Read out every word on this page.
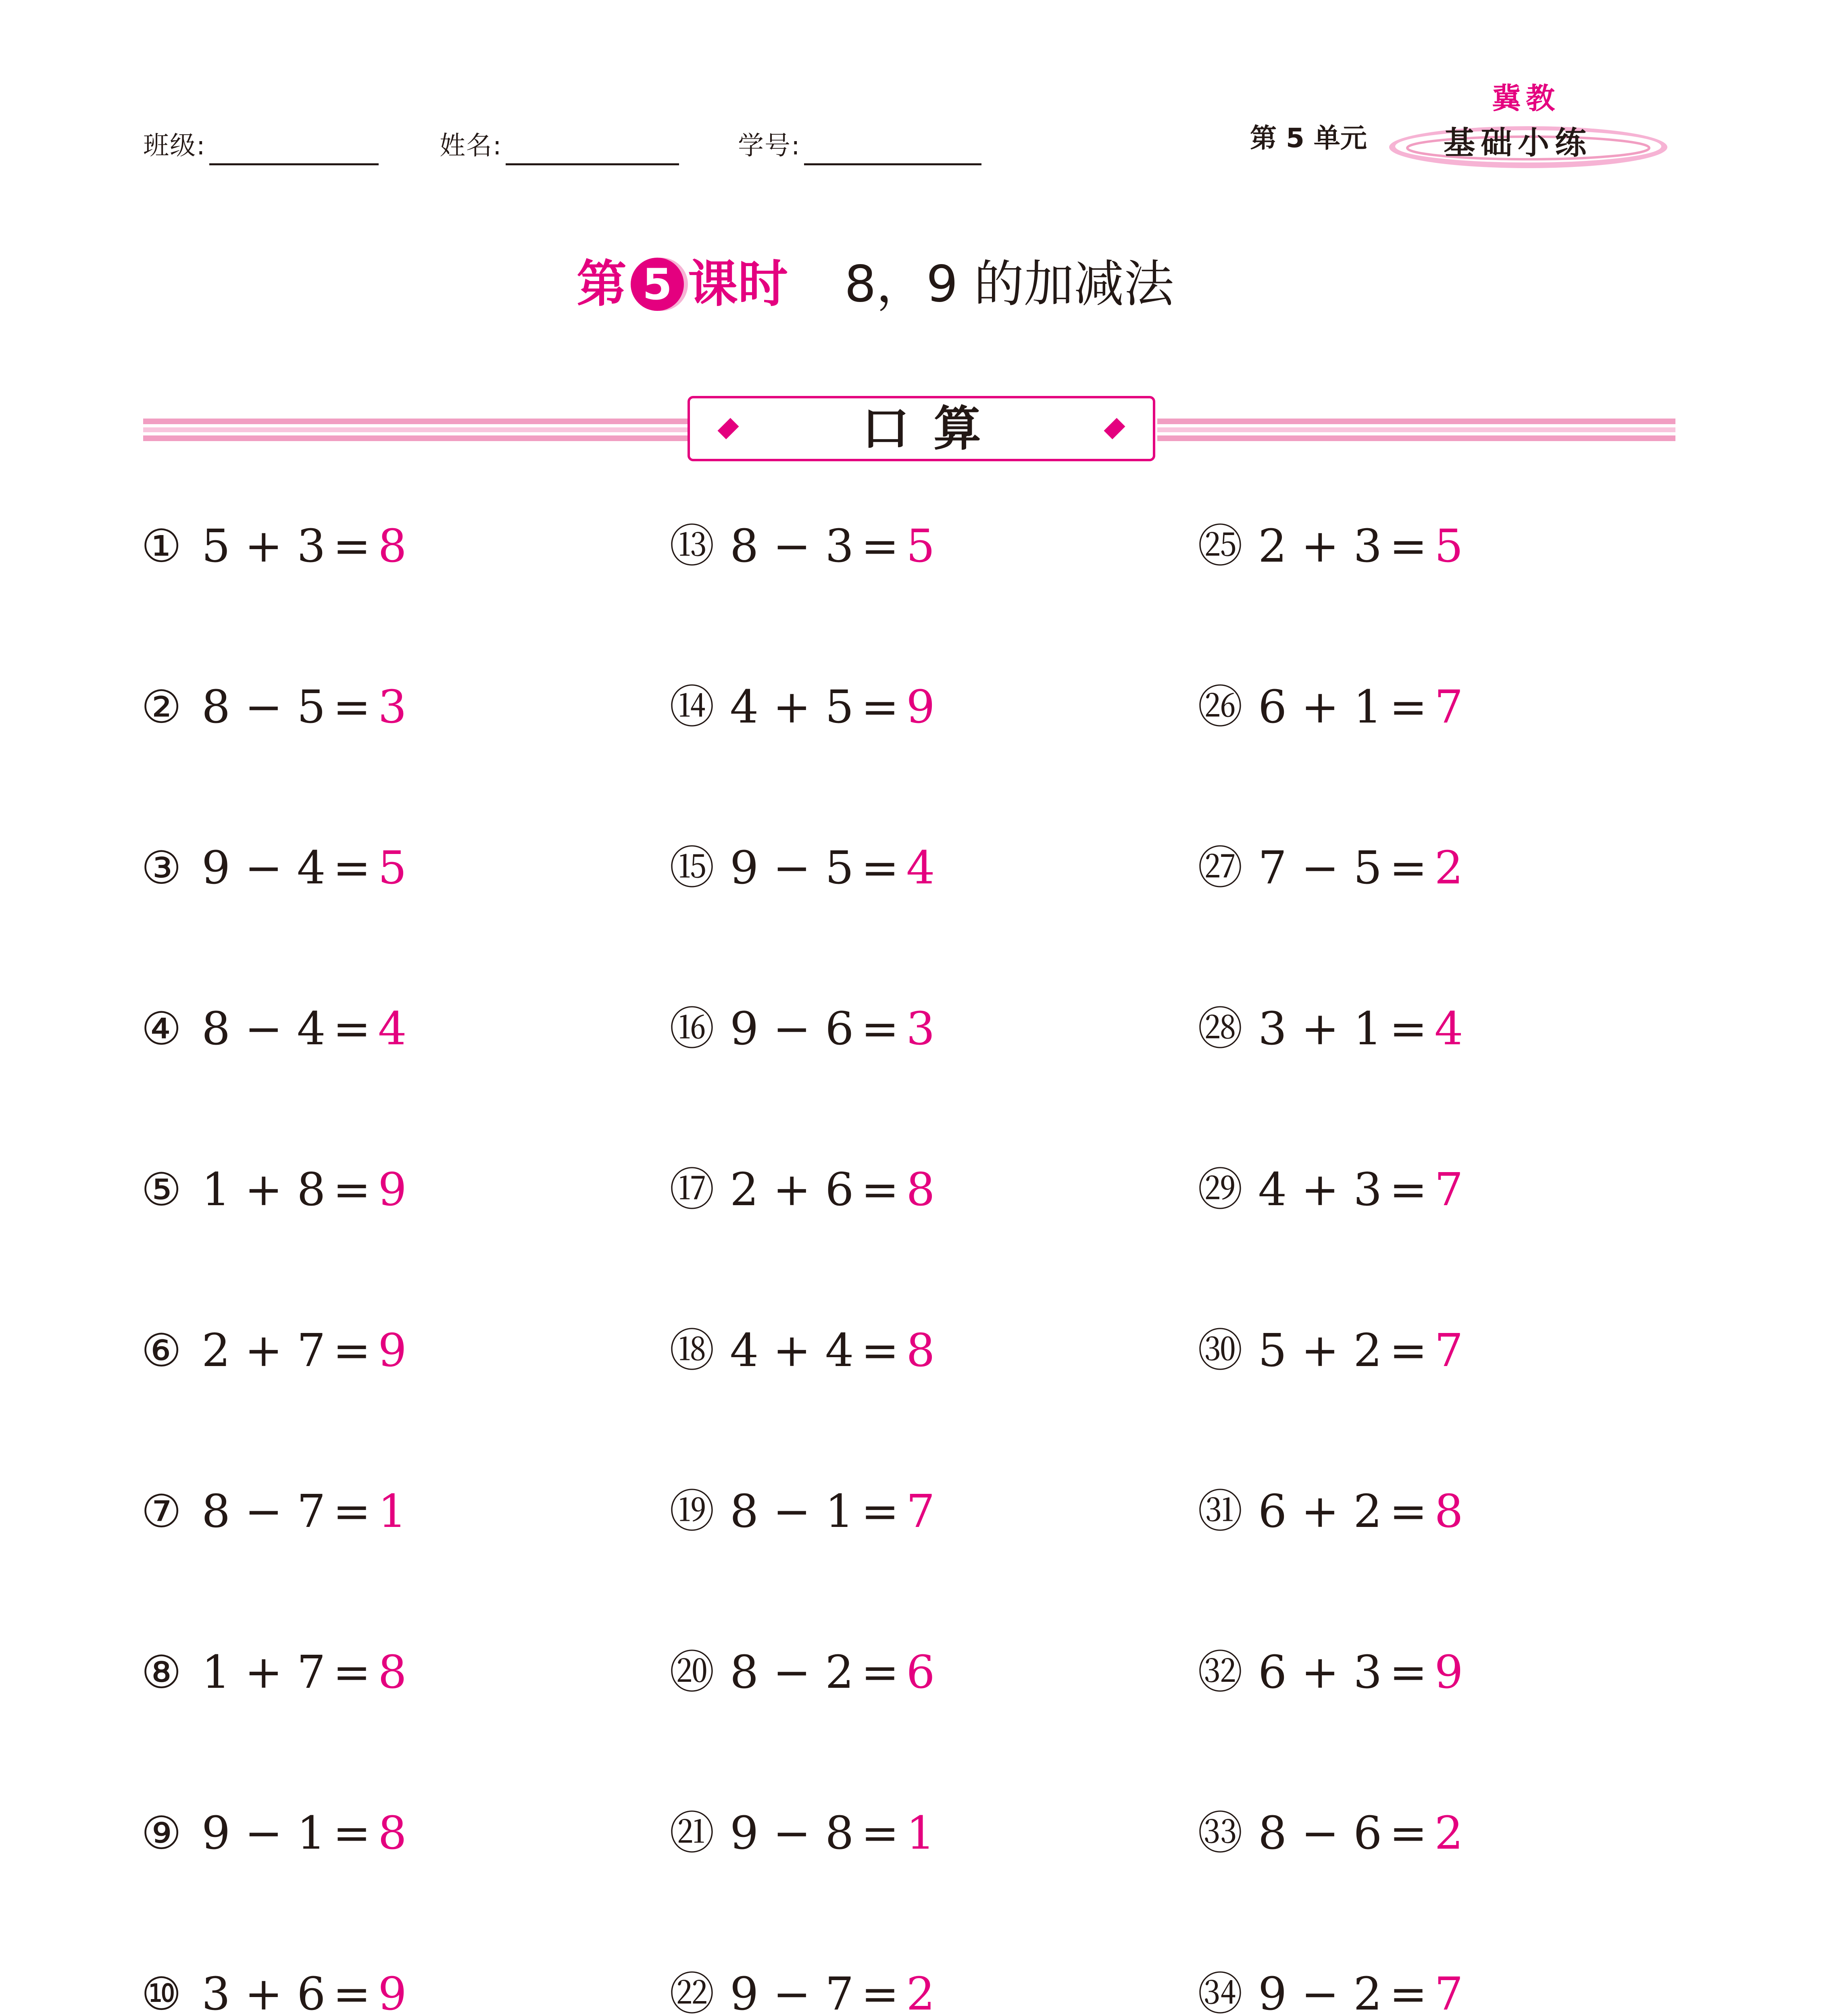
班级:	姓名:	学号:	第 5 单元
冀教
基础小练
第 5 课时 8，9 的加减法
口算
① 5 + 3 = 8
② 8 − 5 = 3
③ 9 − 4 = 5
④ 8 − 4 = 4
⑤ 1 + 8 = 9
⑥ 2 + 7 = 9
⑦ 8 − 7 = 1
⑧ 1 + 7 = 8
⑨ 9 − 1 = 8
⑩ 3 + 6 = 9
⑬ 8 − 3 = 5
⑭ 4 + 5 = 9
⑮ 9 − 5 = 4
⑯ 9 − 6 = 3
⑰ 2 + 6 = 8
⑱ 4 + 4 = 8
⑲ 8 − 1 = 7
⑳ 8 − 2 = 6
㉑ 9 − 8 = 1
㉒ 9 − 7 = 2
㉕ 2 + 3 = 5
㉖ 6 + 1 = 7
㉗ 7 − 5 = 2
㉘ 3 + 1 = 4
㉙ 4 + 3 = 7
㉚ 5 + 2 = 7
㉛ 6 + 2 = 8
㉜ 6 + 3 = 9
㉝ 8 − 6 = 2
㉞ 9 − 2 = 7
